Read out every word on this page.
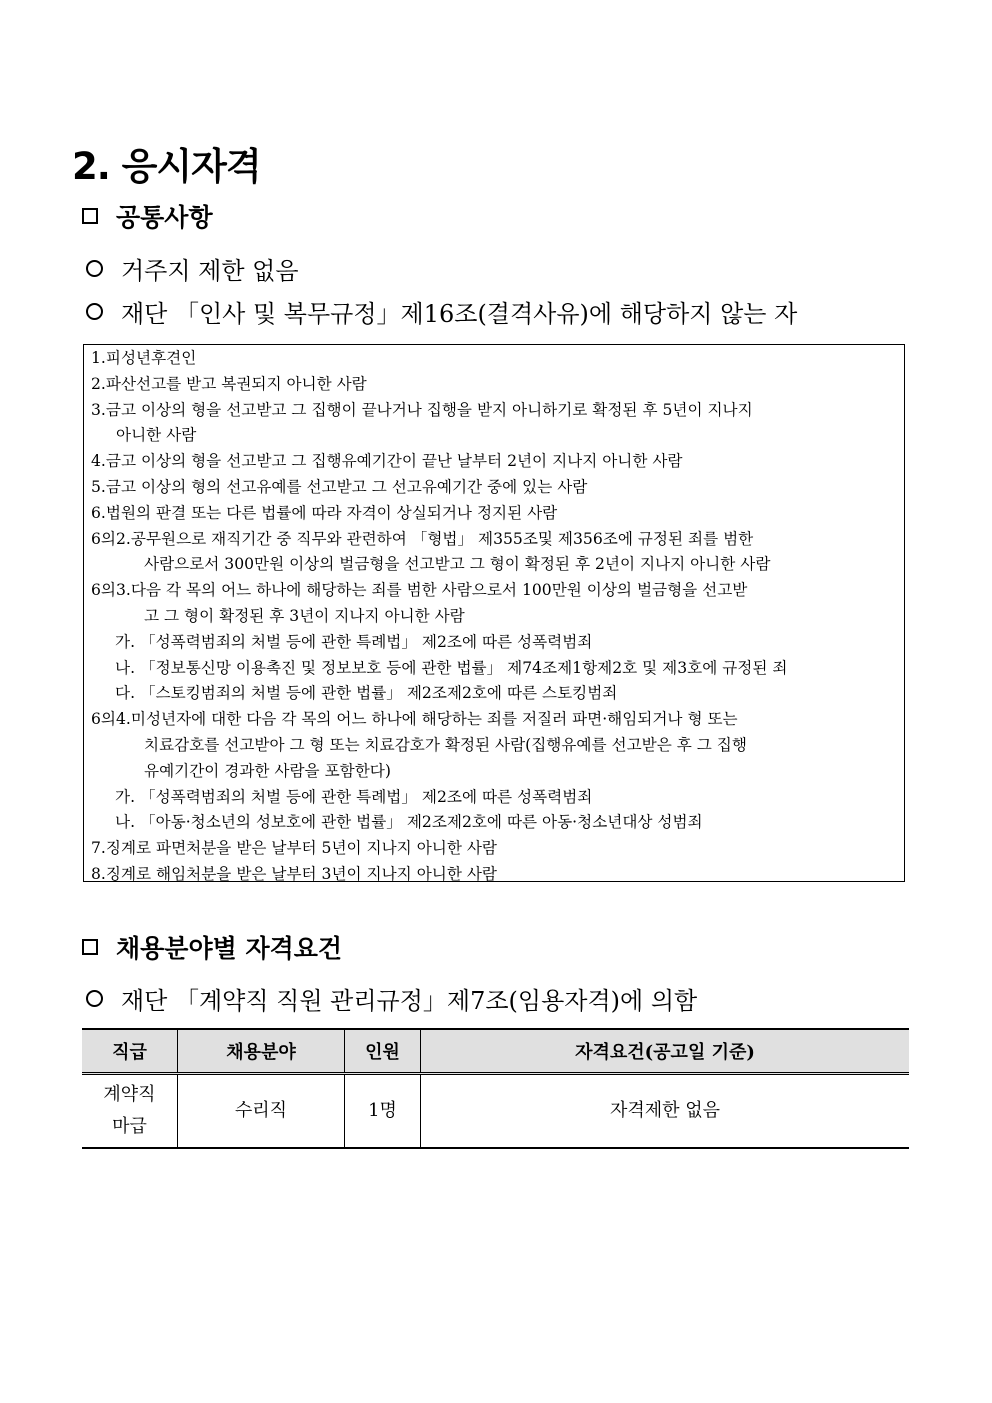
2. 응시자격
공통사항
거주지 제한 없음
재단 「인사 및 복무규정」제16조(결격사유)에 해당하지 않는 자
1. 피성년후견인
2. 파산선고를 받고 복권되지 아니한 사람
3. 금고 이상의 형을 선고받고 그 집행이 끝나거나 집행을 받지 아니하기로 확정된 후 5년이 지나지
아니한 사람
4. 금고 이상의 형을 선고받고 그 집행유예기간이 끝난 날부터 2년이 지나지 아니한 사람
5. 금고 이상의 형의 선고유예를 선고받고 그 선고유예기간 중에 있는 사람
6. 법원의 판결 또는 다른 법률에 따라 자격이 상실되거나 정지된 사람
6의2. 공무원으로 재직기간 중 직무와 관련하여 「형법」 제355조및 제356조에 규정된 죄를 범한
사람으로서 300만원 이상의 벌금형을 선고받고 그 형이 확정된 후 2년이 지나지 아니한 사람
6의3. 다음 각 목의 어느 하나에 해당하는 죄를 범한 사람으로서 100만원 이상의 벌금형을 선고받
고 그 형이 확정된 후 3년이 지나지 아니한 사람
가. 「성폭력범죄의 처벌 등에 관한 특례법」 제2조에 따른 성폭력범죄
나. 「정보통신망 이용촉진 및 정보보호 등에 관한 법률」 제74조제1항제2호 및 제3호에 규정된 죄
다. 「스토킹범죄의 처벌 등에 관한 법률」 제2조제2호에 따른 스토킹범죄
6의4. 미성년자에 대한 다음 각 목의 어느 하나에 해당하는 죄를 저질러 파면·해임되거나 형 또는
치료감호를 선고받아 그 형 또는 치료감호가 확정된 사람(집행유예를 선고받은 후 그 집행
유예기간이 경과한 사람을 포함한다)
가. 「성폭력범죄의 처벌 등에 관한 특례법」 제2조에 따른 성폭력범죄
나. 「아동·청소년의 성보호에 관한 법률」 제2조제2호에 따른 아동·청소년대상 성범죄
7. 징계로 파면처분을 받은 날부터 5년이 지나지 아니한 사람
8. 징계로 해임처분을 받은 날부터 3년이 지나지 아니한 사람
채용분야별 자격요건
재단 「계약직 직원 관리규정」제7조(임용자격)에 의함
직급	채용분야	인원	자격요건(공고일 기준)

계약직
마급	수리직	1명	자격제한 없음
